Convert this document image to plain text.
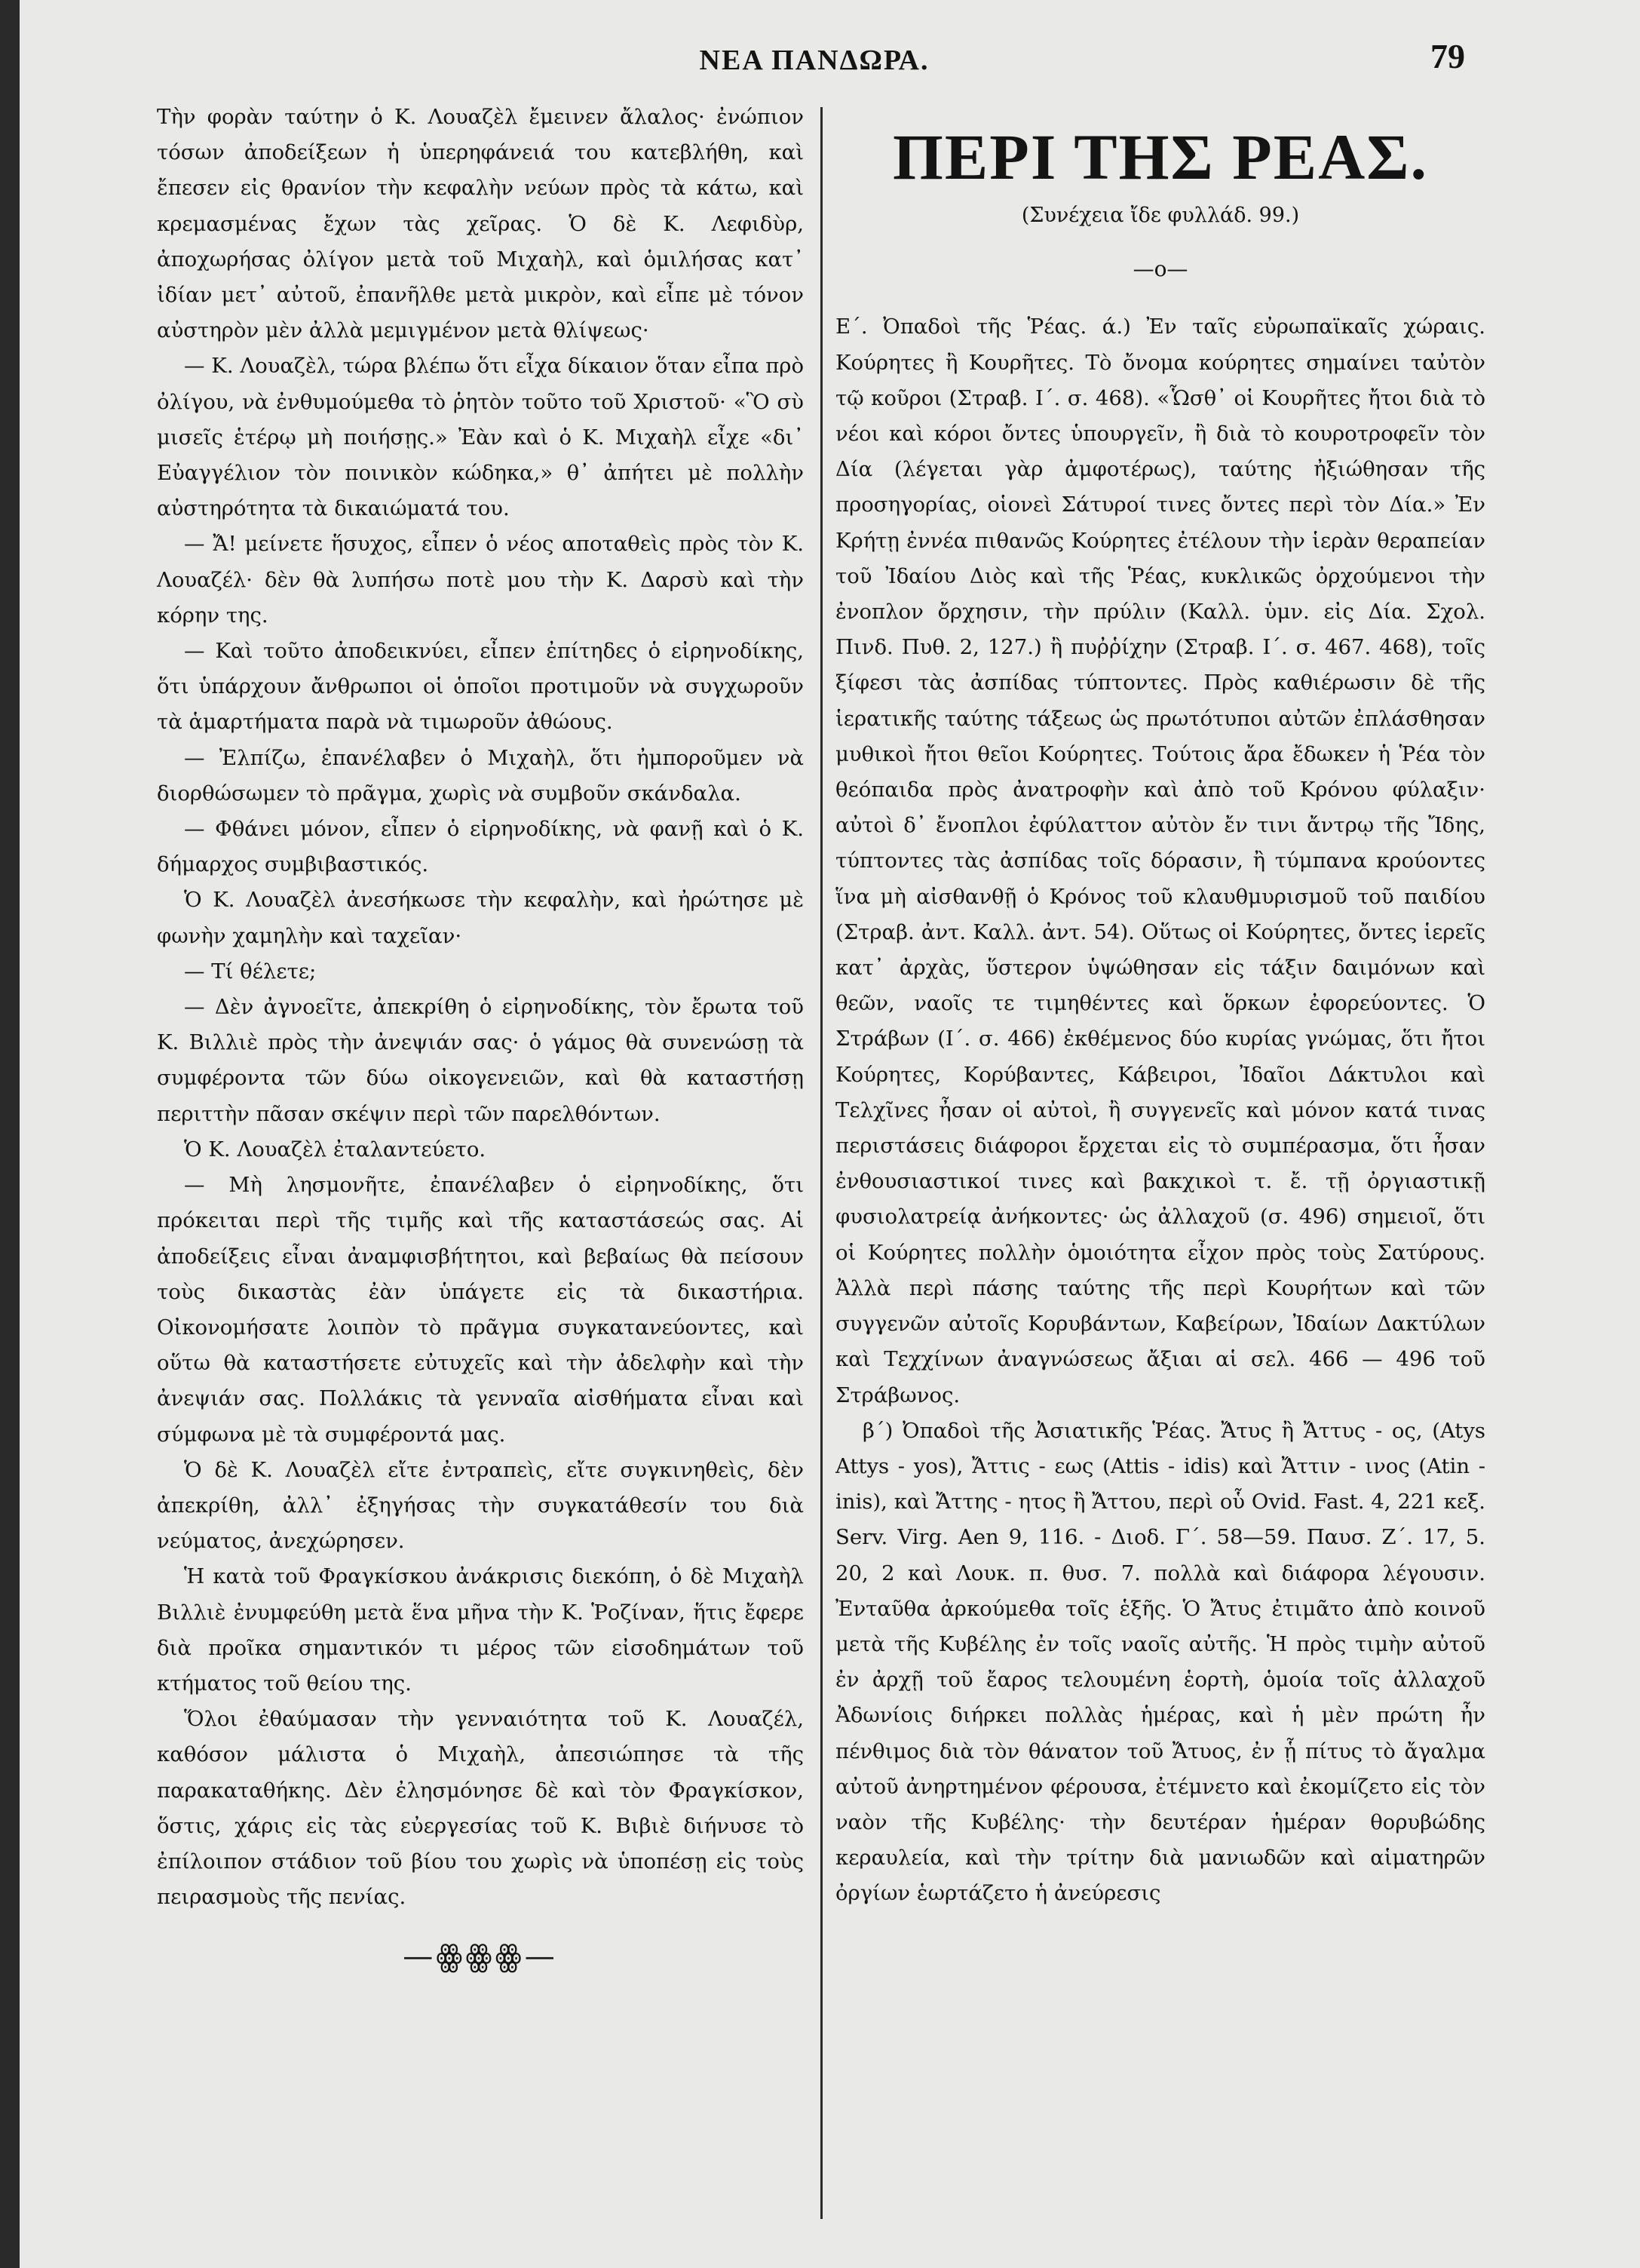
ΝΕΑ ΠΑΝΔΩΡΑ.	79

Τὴν φορὰν ταύτην ὁ Κ. Λουαζὲλ ἔμεινεν ἄλαλος· ἐνώπιον τόσων ἀποδείξεων ἡ ὑπερηφάνειά του κατεβλήθη, καὶ ἔπεσεν εἰς θρανίον τὴν κεφαλὴν νεύων πρὸς τὰ κάτω, καὶ κρεμασμένας ἔχων τὰς χεῖρας. Ὁ δὲ Κ. Λεφιδὺρ, ἀποχωρήσας ὀλίγον μετὰ τοῦ Μιχαὴλ, καὶ ὁμιλήσας κατ᾽ ἰδίαν μετ᾽ αὐτοῦ, ἐπανῆλθε μετὰ μικρὸν, καὶ εἶπε μὲ τόνον αὐστηρὸν μὲν ἀλλὰ μεμιγμένον μετὰ θλίψεως·

— Κ. Λουαζὲλ, τώρα βλέπω ὅτι εἶχα δίκαιον ὅταν εἶπα πρὸ ὀλίγου, νὰ ἐνθυμούμεθα τὸ ῥητὸν τοῦτο τοῦ Χριστοῦ· «Ὃ σὺ μισεῖς ἑτέρῳ μὴ ποιήσῃς.» Ἐὰν καὶ ὁ Κ. Μιχαὴλ εἶχε «δι᾽ Εὐαγγέλιον τὸν ποινικὸν κώδηκα,» θ᾽ ἀπήτει μὲ πολλὴν αὐστηρότητα τὰ δικαιώματά του.

— Ἄ! μείνετε ἥσυχος, εἶπεν ὁ νέος αποταθεὶς πρὸς τὸν Κ. Λουαζέλ· δὲν θὰ λυπήσω ποτὲ μου τὴν Κ. Δαρσὺ καὶ τὴν κόρην της.

— Καὶ τοῦτο ἀποδεικνύει, εἶπεν ἐπίτηδες ὁ εἰρηνοδίκης, ὅτι ὑπάρχουν ἄνθρωποι οἱ ὁποῖοι προτιμοῦν νὰ συγχωροῦν τὰ ἁμαρτήματα παρὰ νὰ τιμωροῦν ἀθώους.

— Ἐλπίζω, ἐπανέλαβεν ὁ Μιχαὴλ, ὅτι ἠμποροῦμεν νὰ διορθώσωμεν τὸ πρᾶγμα, χωρὶς νὰ συμβοῦν σκάνδαλα.

— Φθάνει μόνον, εἶπεν ὁ εἰρηνοδίκης, νὰ φανῇ καὶ ὁ Κ. δήμαρχος συμβιβαστικός.

Ὁ Κ. Λουαζὲλ ἀνεσήκωσε τὴν κεφαλὴν, καὶ ἠρώτησε μὲ φωνὴν χαμηλὴν καὶ ταχεῖαν·

— Τί θέλετε;

— Δὲν ἀγνοεῖτε, ἀπεκρίθη ὁ εἰρηνοδίκης, τὸν ἔρωτα τοῦ Κ. Βιλλιὲ πρὸς τὴν ἀνεψιάν σας· ὁ γάμος θὰ συνενώσῃ τὰ συμφέροντα τῶν δύω οἰκογενειῶν, καὶ θὰ καταστήσῃ περιττὴν πᾶσαν σκέψιν περὶ τῶν παρελθόντων.

Ὁ Κ. Λουαζὲλ ἐταλαντεύετο.

— Μὴ λησμονῆτε, ἐπανέλαβεν ὁ εἰρηνοδίκης, ὅτι πρόκειται περὶ τῆς τιμῆς καὶ τῆς καταστάσεώς σας. Αἱ ἀποδείξεις εἶναι ἀναμφισβήτητοι, καὶ βεβαίως θὰ πείσουν τοὺς δικαστὰς ἐὰν ὑπάγετε εἰς τὰ δικαστήρια. Οἰκονομήσατε λοιπὸν τὸ πρᾶγμα συγκατανεύοντες, καὶ οὕτω θὰ καταστήσετε εὐτυχεῖς καὶ τὴν ἀδελφὴν καὶ τὴν ἀνεψιάν σας. Πολλάκις τὰ γενναῖα αἰσθήματα εἶναι καὶ σύμφωνα μὲ τὰ συμφέροντά μας.

Ὁ δὲ Κ. Λουαζὲλ εἴτε ἐντραπεὶς, εἴτε συγκινηθεὶς, δὲν ἀπεκρίθη, ἀλλ᾽ ἐξηγήσας τὴν συγκατάθεσίν του διὰ νεύματος, ἀνεχώρησεν.

Ἡ κατὰ τοῦ Φραγκίσκου ἀνάκρισις διεκόπη, ὁ δὲ Μιχαὴλ Βιλλιὲ ἐνυμφεύθη μετὰ ἕνα μῆνα τὴν Κ. Ῥοζίναν, ἥτις ἔφερε διὰ προῖκα σημαντικόν τι μέρος τῶν εἰσοδημάτων τοῦ κτήματος τοῦ θείου της.

Ὅλοι ἐθαύμασαν τὴν γενναιότητα τοῦ Κ. Λουαζέλ, καθόσον μάλιστα ὁ Μιχαὴλ, ἀπεσιώπησε τὰ τῆς παρακαταθήκης. Δὲν ἐλησμόνησε δὲ καὶ τὸν Φραγκίσκον, ὅστις, χάρις εἰς τὰς εὐεργεσίας τοῦ Κ. Βιβιὲ διήνυσε τὸ ἐπίλοιπον στάδιον τοῦ βίου του χωρὶς νὰ ὑποπέσῃ εἰς τοὺς πειρασμοὺς τῆς πενίας.

—ꙮꙮꙮ—
ΠΕΡΙ ΤΗΣ ΡΕΑΣ.
(Συνέχεια ἴδε φυλλάδ. 99.)
—ο—

Ε΄. Ὀπαδοὶ τῆς Ῥέας. ά.) Ἐν ταῖς εὐρωπαϊκαῖς χώραις. Κούρητες ἢ Κουρῆτες. Τὸ ὄνομα κούρητες σημαίνει ταὐτὸν τῷ κοῦροι (Στραβ. Ι΄. σ. 468). «Ὧσθ᾽ οἱ Κουρῆτες ἤτοι διὰ τὸ νέοι καὶ κόροι ὄντες ὑπουργεῖν, ἢ διὰ τὸ κουροτροφεῖν τὸν Δία (λέγεται γὰρ ἀμφοτέρως), ταύτης ἠξιώθησαν τῆς προσηγορίας, οἱονεὶ Σάτυροί τινες ὄντες περὶ τὸν Δία.» Ἐν Κρήτῃ ἐννέα πιθανῶς Κούρητες ἐτέλουν τὴν ἱερὰν θεραπείαν τοῦ Ἰδαίου Διὸς καὶ τῆς Ῥέας, κυκλικῶς ὀρχούμενοι τὴν ἐνοπλον ὄρχησιν, τὴν πρύλιν (Καλλ. ὑμν. εἰς Δία. Σχολ. Πινδ. Πυθ. 2, 127.) ἢ πυῤῥίχην (Στραβ. Ι΄. σ. 467. 468), τοῖς ξίφεσι τὰς ἀσπίδας τύπτοντες. Πρὸς καθιέρωσιν δὲ τῆς ἱερατικῆς ταύτης τάξεως ὡς πρωτότυποι αὐτῶν ἐπλάσθησαν μυθικοὶ ἤτοι θεῖοι Κούρητες. Τούτοις ἄρα ἔδωκεν ἡ Ῥέα τὸν θεόπαιδα πρὸς ἀνατροφὴν καὶ ἀπὸ τοῦ Κρόνου φύλαξιν· αὐτοὶ δ᾽ ἔνοπλοι ἐφύλαττον αὐτὸν ἔν τινι ἄντρῳ τῆς Ἴδης, τύπτοντες τὰς ἀσπίδας τοῖς δόρασιν, ἢ τύμπανα κρούοντες ἵνα μὴ αἰσθανθῇ ὁ Κρόνος τοῦ κλαυθμυρισμοῦ τοῦ παιδίου (Στραβ. ἀντ. Καλλ. ἀντ. 54). Οὕτως οἱ Κούρητες, ὄντες ἱερεῖς κατ᾽ ἀρχὰς, ὕστερον ὑψώθησαν εἰς τάξιν δαιμόνων καὶ θεῶν, ναοῖς τε τιμηθέντες καὶ ὅρκων ἐφορεύοντες. Ὁ Στράβων (Ι΄. σ. 466) ἐκθέμενος δύο κυρίας γνώμας, ὅτι ἤτοι Κούρητες, Κορύβαντες, Κάβειροι, Ἰδαῖοι Δάκτυλοι καὶ Τελχῖνες ἦσαν οἱ αὐτοὶ, ἢ συγγενεῖς καὶ μόνον κατά τινας περιστάσεις διάφοροι ἔρχεται εἰς τὸ συμπέρασμα, ὅτι ἦσαν ἐνθουσιαστικοί τινες καὶ βακχικοὶ τ. ἔ. τῇ ὀργιαστικῇ φυσιολατρείᾳ ἀνήκοντες· ὡς ἀλλαχοῦ (σ. 496) σημειοῖ, ὅτι οἱ Κούρητες πολλὴν ὁμοιότητα εἶχον πρὸς τοὺς Σατύρους. Ἀλλὰ περὶ πάσης ταύτης τῆς περὶ Κουρήτων καὶ τῶν συγγενῶν αὐτοῖς Κορυβάντων, Καβείρων, Ἰδαίων Δακτύλων καὶ Τεχχίνων ἀναγνώσεως ἄξιαι αἱ σελ. 466 — 496 τοῦ Στράβωνος.

β΄) Ὀπαδοὶ τῆς Ἀσιατικῆς Ῥέας. Ἄτυς ἢ Ἄττυς - ος, (Atys Attys - yos), Ἄττις - εως (Attis - idis) καὶ Ἄττιν - ινος (Atin - inis), καὶ Ἄττης - ητος ἢ Ἄττου, περὶ οὗ Ovid. Fast. 4, 221 κεξ. Serv. Virg. Aen 9, 116. - Διοδ. Γ΄. 58—59. Παυσ. Ζ΄. 17, 5. 20, 2 καὶ Λουκ. π. θυσ. 7. πολλὰ καὶ διάφορα λέγουσιν. Ἐνταῦθα ἀρκούμεθα τοῖς ἑξῆς. Ὁ Ἄτυς ἐτιμᾶτο ἀπὸ κοινοῦ μετὰ τῆς Κυβέλης ἐν τοῖς ναοῖς αὐτῆς. Ἡ πρὸς τιμὴν αὐτοῦ ἐν ἀρχῇ τοῦ ἔαρος τελουμένη ἑορτὴ, ὁμοία τοῖς ἀλλαχοῦ Ἀδωνίοις διήρκει πολλὰς ἡμέρας, καὶ ἡ μὲν πρώτη ἦν πένθιμος διὰ τὸν θάνατον τοῦ Ἄτυος, ἐν ᾗ πίτυς τὸ ἄγαλμα αὐτοῦ ἀνηρτημένον φέρουσα, ἐτέμνετο καὶ ἐκομίζετο εἰς τὸν ναὸν τῆς Κυβέλης· τὴν δευτέραν ἡμέραν θορυβώδης κεραυλεία, καὶ τὴν τρίτην διὰ μανιωδῶν καὶ αἱματηρῶν ὀργίων ἑωρτάζετο ἡ ἀνεύρεσις
